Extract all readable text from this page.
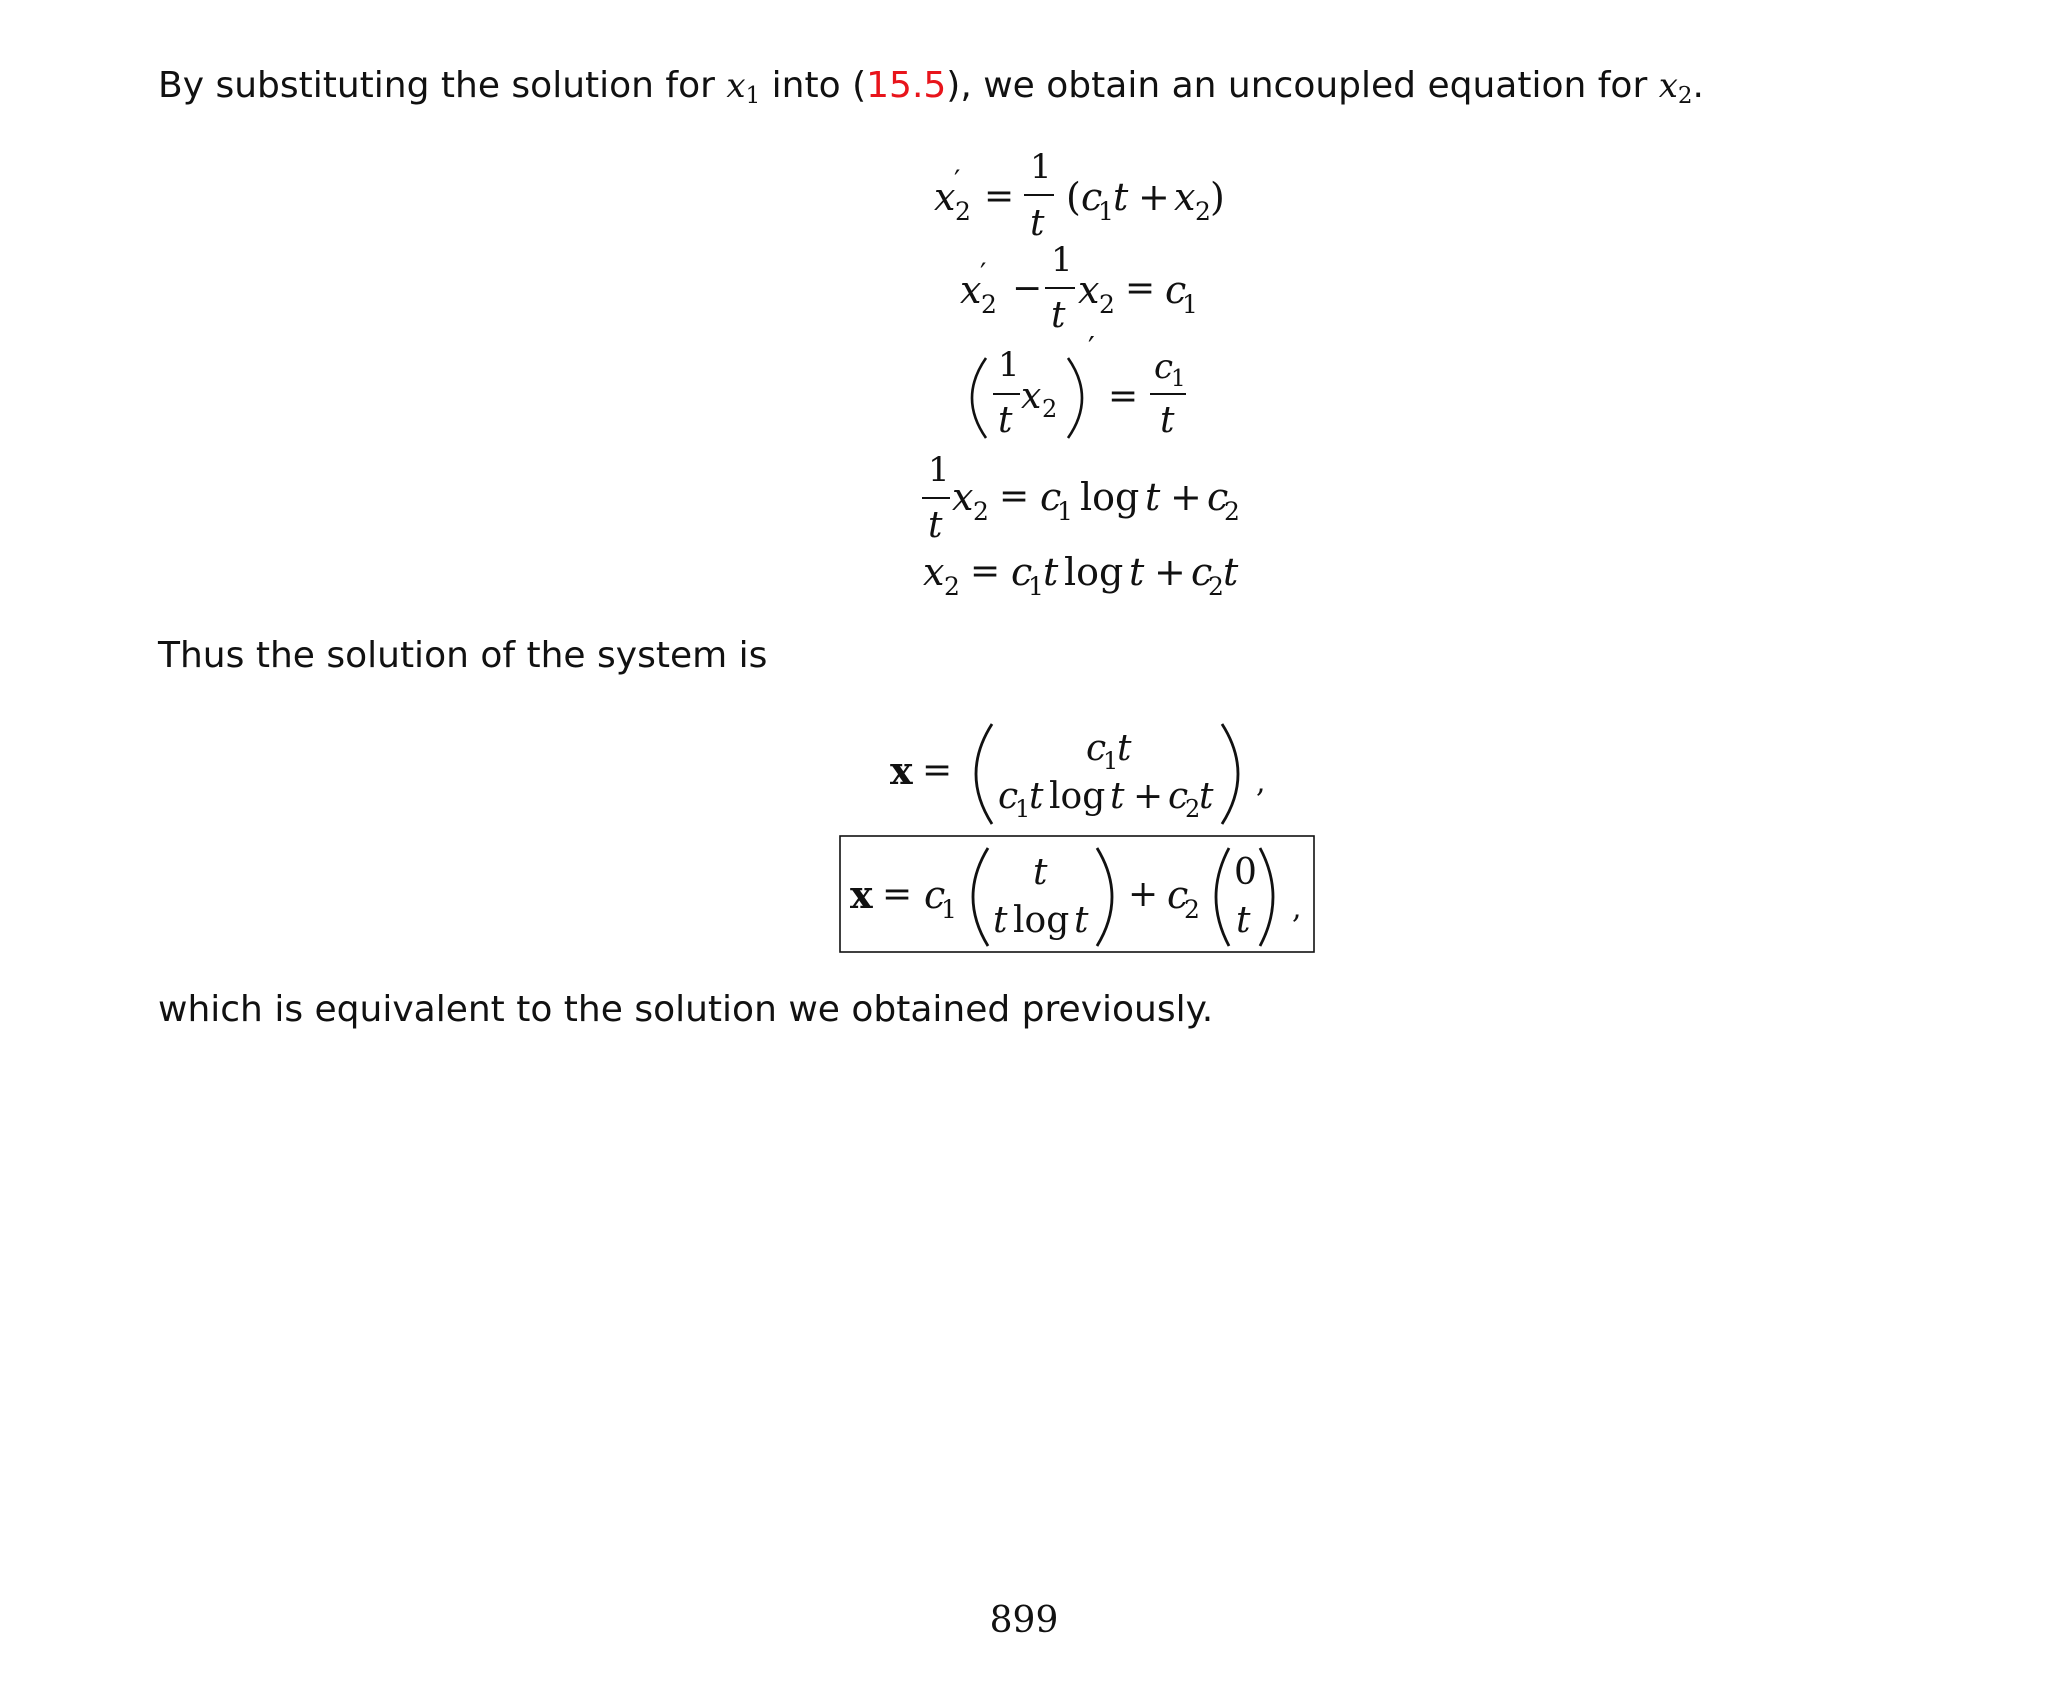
By substituting the solution for x1 into (15.5), we obtain an uncoupled equation for x2.

x 2
′ =
1
t
( c
1 t + x 2 )
x 2
′ −
1
t
x 2 = c
1
1
t
x 2
′
=
c
1
t
1
t
x 2 = c
1 log t + c
2
x 2 = c
1 t log t + c
2 t
x =
c
1
t
c
1
t log t + c
2
t ,
x = c
1
t
t log t
+ c
2
0
t ,

Thus the solution of the system is

which is equivalent to the solution we obtained previously.

899
